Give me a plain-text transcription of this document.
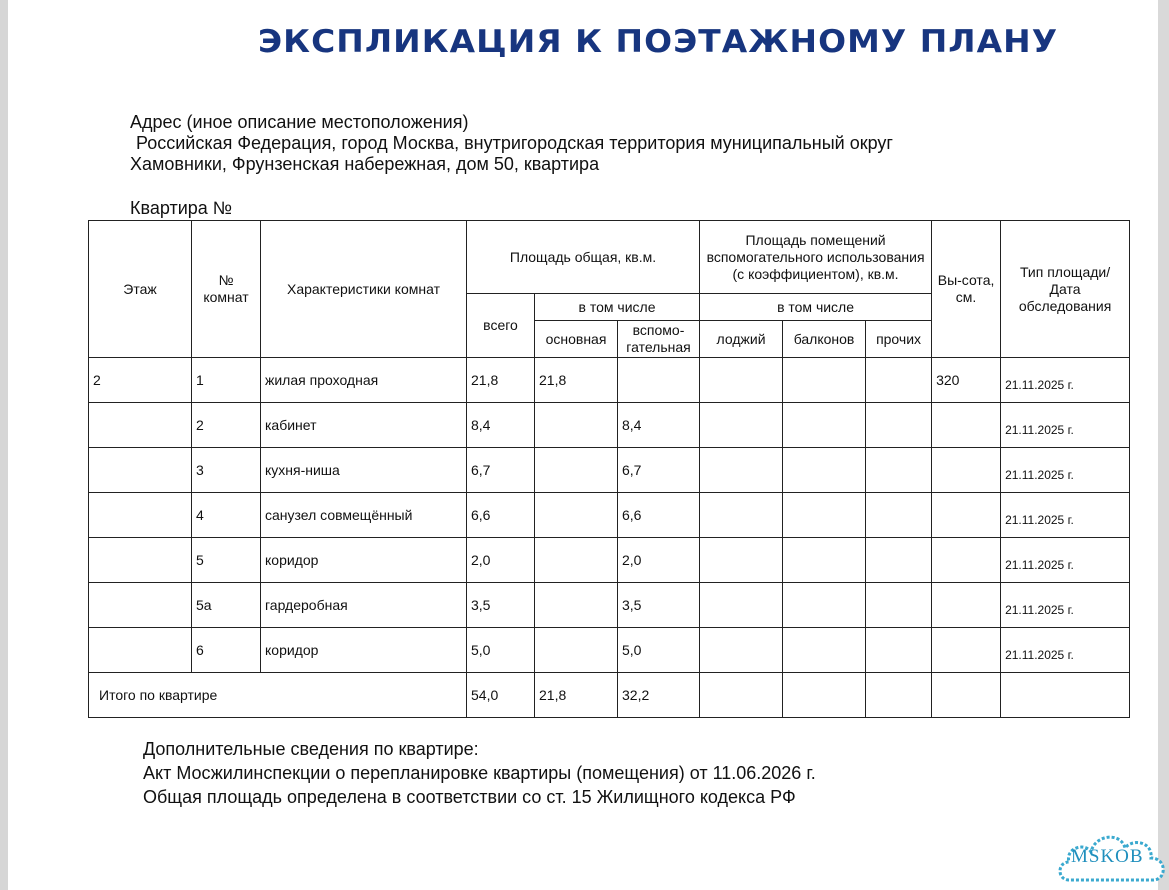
ЭКСПЛИКАЦИЯ К ПОЭТАЖНОМУ ПЛАНУ
Адрес (иное описание местоположения)
Российская Федерация, город Москва, внутригородская территория муниципальный округ
Хамовники, Фрунзенская набережная, дом 50, квартира
Квартира №
Этаж	№ комнат	Характеристики комнат	Площадь общая, кв.м.			Площадь помещений вспомогательного использования (с коэффициентом), кв.м.			Вы-сота, см.	Тип площади/ Дата обследования
			всего	в том числе		в том числе				
				основная	вспомо-гательная	лоджий	балконов	прочих		
2	1	жилая проходная	21,8	21,8					320	21.11.2025 г.
	2	кабинет	8,4		8,4					21.11.2025 г.
	3	кухня-ниша	6,7		6,7					21.11.2025 г.
	4	санузел совмещённый	6,6		6,6					21.11.2025 г.
	5	коридор	2,0		2,0					21.11.2025 г.
	5а	гардеробная	3,5		3,5					21.11.2025 г.
	6	коридор	5,0		5,0					21.11.2025 г.
Итого по квартире			54,0	21,8	32,2					
Дополнительные сведения по квартире:
Акт Мосжилинспекции о перепланировке квартиры (помещения) от 11.06.2026 г.
Общая площадь определена в соответствии со ст. 15 Жилищного кодекса РФ
MSKOB
